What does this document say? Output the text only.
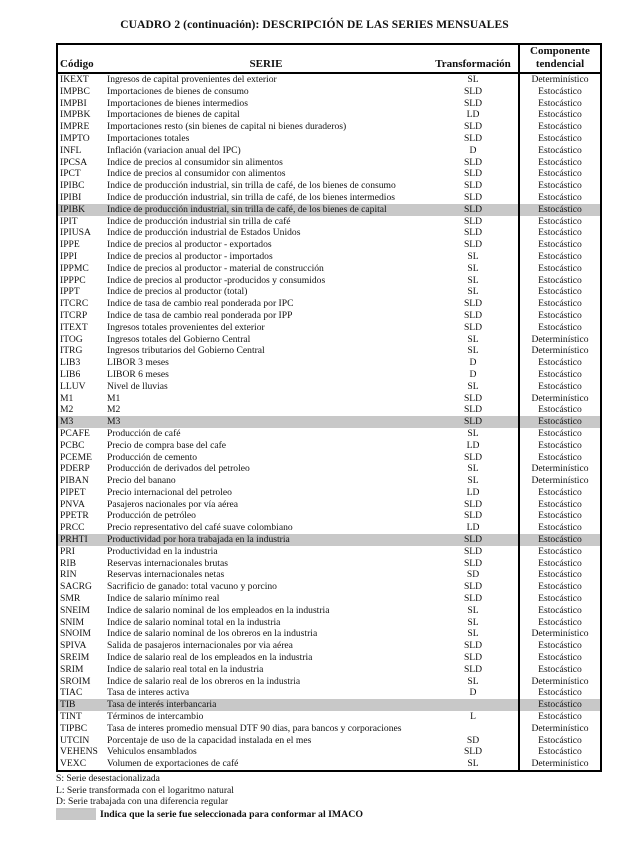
CUADRO 2 (continuación): DESCRIPCIÓN DE LAS SERIES MENSUALES
Código	SERIE	Transformación	Componente tendencial
IKEXT	Ingresos de capital provenientes del exterior	SL	Determinístico
IMPBC	Importaciones de bienes de consumo	SLD	Estocástico
IMPBI	Importaciones de bienes intermedios	SLD	Estocástico
IMPBK	Importaciones de bienes de capital	LD	Estocástico
IMPRE	Importaciones resto (sin bienes de capital ni bienes duraderos)	SLD	Estocástico
IMPTO	Importaciones totales	SLD	Estocástico
INFL	Inflación (variacion anual del IPC)	D	Estocástico
IPCSA	Indice de precios al consumidor sin alimentos	SLD	Estocástico
IPCT	Indice de precios al consumidor con alimentos	SLD	Estocástico
IPIBC	Indice de producción industrial, sin trilla de café, de los bienes de consumo	SLD	Estocástico
IPIBI	Indice de producción industrial, sin trilla de café, de los bienes intermedios	SLD	Estocástico
IPIBK	Indice de producción industrial, sin trilla de café, de los bienes de capital	SLD	Estocástico
IPIT	Indice de producción industrial sin trilla de café	SLD	Estocástico
IPIUSA	Indice de producción industrial de Estados Unidos	SLD	Estocástico
IPPE	Indice de precios al productor - exportados	SLD	Estocástico
IPPI	Indice de precios al productor - importados	SL	Estocástico
IPPMC	Indice de precios al productor - material de construcción	SL	Estocástico
IPPPC	Indice de precios al productor -producidos y consumidos	SL	Estocástico
IPPT	Indice de precios al productor (total)	SL	Estocástico
ITCRC	Indice de tasa de cambio real ponderada por IPC	SLD	Estocástico
ITCRP	Indice de tasa de cambio real ponderada por IPP	SLD	Estocástico
ITEXT	Ingresos totales provenientes del exterior	SLD	Estocástico
ITOG	Ingresos totales del Gobierno Central	SL	Determinístico
ITRG	Ingresos tributarios del Gobierno Central	SL	Determinístico
LIB3	LIBOR 3 meses	D	Estocástico
LIB6	LIBOR 6 meses	D	Estocástico
LLUV	Nivel de lluvias	SL	Estocástico
M1	M1	SLD	Determinístico
M2	M2	SLD	Estocástico
M3	M3	SLD	Estocástico
PCAFE	Producción de café	SL	Estocástico
PCBC	Precio de compra base del cafe	LD	Estocástico
PCEME	Producción de cemento	SLD	Estocástico
PDERP	Producción de derivados del petroleo	SL	Determinístico
PIBAN	Precio del banano	SL	Determinístico
PIPET	Precio internacional del petroleo	LD	Estocástico
PNVA	Pasajeros nacionales por vía aérea	SLD	Estocástico
PPETR	Producción de petróleo	SLD	Estocástico
PRCC	Precio representativo del café suave colombiano	LD	Estocástico
PRHTI	Productividad por hora trabajada en la industria	SLD	Estocástico
PRI	Productividad en la industria	SLD	Estocástico
RIB	Reservas internacionales brutas	SLD	Estocástico
RIN	Reservas internacionales netas	SD	Estocástico
SACRG	Sacrificio de ganado: total vacuno y porcino	SLD	Estocástico
SMR	Indice de salario mínimo real	SLD	Estocástico
SNEIM	Indice de salario nominal de los empleados en la industria	SL	Estocástico
SNIM	Indice de salario nominal total en la industria	SL	Estocástico
SNOIM	Indice de salario nominal de los obreros en la industria	SL	Determinístico
SPIVA	Salida de pasajeros internacionales por via aérea	SLD	Estocástico
SREIM	Indice de salario real de los empleados en la industria	SLD	Estocástico
SRIM	Indice de salario real total en la industria	SLD	Estocástico
SROIM	Indice de salario real de los obreros en la industria	SL	Determinístico
TIAC	Tasa de interes activa	D	Estocástico
TIB	Tasa de interés interbancaria		Estocástico
TINT	Términos de intercambio	L	Estocástico
TIPBC	Tasa de interes promedio mensual DTF 90 dias, para bancos y corporaciones		Determinístico
UTCIN	Porcentaje de uso de la capacidad instalada en el mes	SD	Estocástico
VEHENS	Vehiculos ensamblados	SLD	Estocástico
VEXC	Volumen de exportaciones de café	SL	Determinístico
S: Serie desestacionalizada
L: Serie transformada con el logaritmo natural
D: Serie trabajada con una diferencia regular
Indica que la serie fue seleccionada para conformar al IMACO
